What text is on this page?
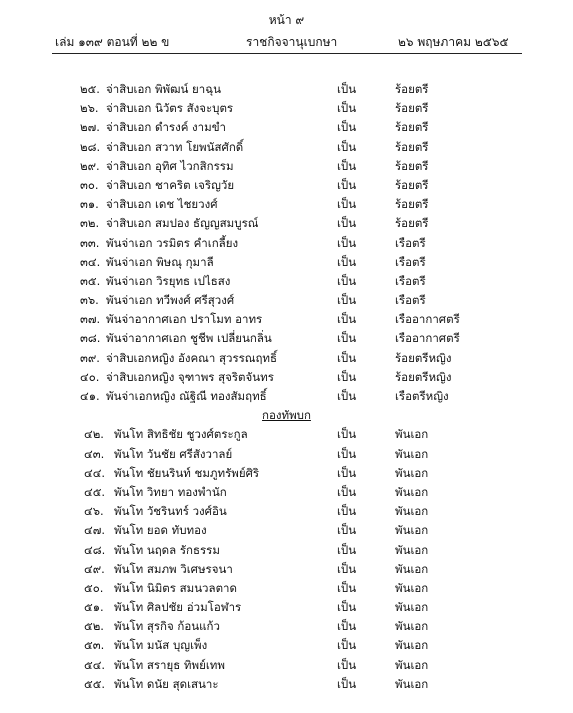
หน้า ๙
เล่ม ๑๓๙ ตอนที่ ๒๒ ข	ราชกิจจานุเบกษา	๒๖ พฤษภาคม ๒๕๖๕
๒๕. จ่าสิบเอก พิพัฒน์ ยาฉุน	เป็น	ร้อยตรี
๒๖. จ่าสิบเอก นิวัตร สังจะบุตร	เป็น	ร้อยตรี
๒๗. จ่าสิบเอก ดำรงค์ งามขำ	เป็น	ร้อยตรี
๒๘. จ่าสิบเอก สวาท โยพนัสศักดิ์	เป็น	ร้อยตรี
๒๙. จ่าสิบเอก อุทิศ ไวกสิกรรม	เป็น	ร้อยตรี
๓๐. จ่าสิบเอก ชาคริต เจริญวัย	เป็น	ร้อยตรี
๓๑. จ่าสิบเอก เดช ไชยวงศ์	เป็น	ร้อยตรี
๓๒. จ่าสิบเอก สมปอง ธัญญสมบูรณ์	เป็น	ร้อยตรี
๓๓. พันจ่าเอก วรมิตร คำเกลี้ยง	เป็น	เรือตรี
๓๔. พันจ่าเอก พิษณุ กุมาลี	เป็น	เรือตรี
๓๕. พันจ่าเอก วิรยุทธ เปไธสง	เป็น	เรือตรี
๓๖. พันจ่าเอก ทวีพงศ์ ศรีสุวงศ์	เป็น	เรือตรี
๓๗. พันจ่าอากาศเอก ปราโมท อาทร	เป็น	เรืออากาศตรี
๓๘. พันจ่าอากาศเอก ชูชีพ เปลี่ยนกลิ่น	เป็น	เรืออากาศตรี
๓๙. จ่าสิบเอกหญิง อังคณา สุวรรณฤทธิ์	เป็น	ร้อยตรีหญิง
๔๐. จ่าสิบเอกหญิง จุฑาพร สุจริตจันทร	เป็น	ร้อยตรีหญิง
๔๑. พันจ่าเอกหญิง ณัฐิณี ทองสัมฤทธิ์	เป็น	เรือตรีหญิง
กองทัพบก
๔๒. พันโท สิทธิชัย ชูวงศ์ตระกูล	เป็น	พันเอก
๔๓. พันโท วันชัย ศรีสังวาลย์	เป็น	พันเอก
๔๔. พันโท ชัยนรินท์ ชมภูทรัพย์ศิริ	เป็น	พันเอก
๔๕. พันโท วิทยา ทองพำนัก	เป็น	พันเอก
๔๖. พันโท วัชรินทร์ วงศ์อิน	เป็น	พันเอก
๔๗. พันโท ยอด ทับทอง	เป็น	พันเอก
๔๘. พันโท นฤดล รักธรรม	เป็น	พันเอก
๔๙. พันโท สมภพ วิเศษรจนา	เป็น	พันเอก
๕๐. พันโท นิมิตร สมนวลตาด	เป็น	พันเอก
๕๑. พันโท ศิลปชัย อ่วมโอฬาร	เป็น	พันเอก
๕๒. พันโท สุรกิจ ก้อนแก้ว	เป็น	พันเอก
๕๓. พันโท มนัส บุญเพ็ง	เป็น	พันเอก
๕๔. พันโท สรายุธ ทิพย์เทพ	เป็น	พันเอก
๕๕. พันโท ดนัย สุดเสนาะ	เป็น	พันเอก
